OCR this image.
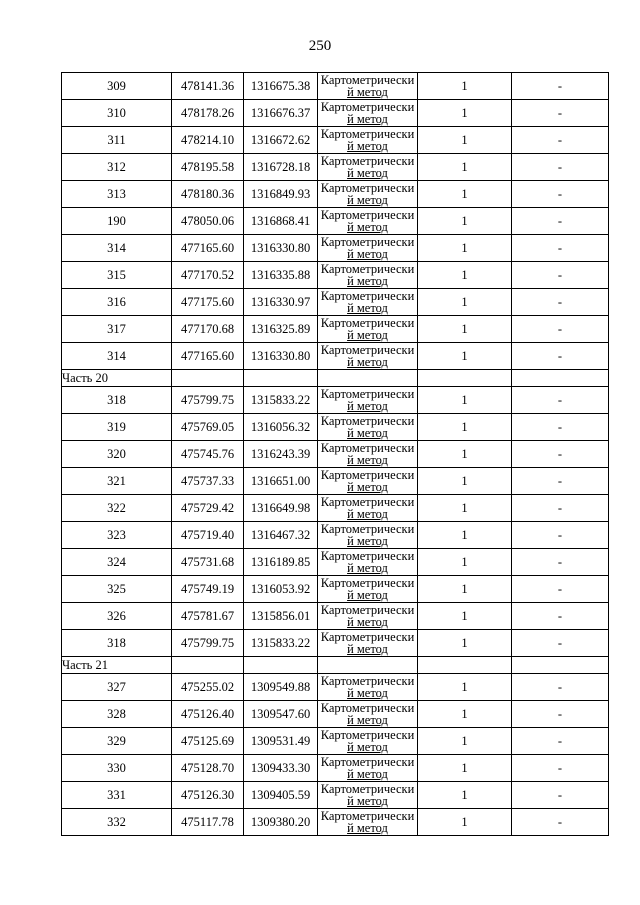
250
309	478141.36	1316675.38	Картометрически
й метод	1	-
310	478178.26	1316676.37	Картометрически
й метод	1	-
311	478214.10	1316672.62	Картометрически
й метод	1	-
312	478195.58	1316728.18	Картометрически
й метод	1	-
313	478180.36	1316849.93	Картометрически
й метод	1	-
190	478050.06	1316868.41	Картометрически
й метод	1	-
314	477165.60	1316330.80	Картометрически
й метод	1	-
315	477170.52	1316335.88	Картометрически
й метод	1	-
316	477175.60	1316330.97	Картометрически
й метод	1	-
317	477170.68	1316325.89	Картометрически
й метод	1	-
314	477165.60	1316330.80	Картометрически
й метод	1	-
Часть 20					
318	475799.75	1315833.22	Картометрически
й метод	1	-
319	475769.05	1316056.32	Картометрически
й метод	1	-
320	475745.76	1316243.39	Картометрически
й метод	1	-
321	475737.33	1316651.00	Картометрически
й метод	1	-
322	475729.42	1316649.98	Картометрически
й метод	1	-
323	475719.40	1316467.32	Картометрически
й метод	1	-
324	475731.68	1316189.85	Картометрически
й метод	1	-
325	475749.19	1316053.92	Картометрически
й метод	1	-
326	475781.67	1315856.01	Картометрически
й метод	1	-
318	475799.75	1315833.22	Картометрически
й метод	1	-
Часть 21					
327	475255.02	1309549.88	Картометрически
й метод	1	-
328	475126.40	1309547.60	Картометрически
й метод	1	-
329	475125.69	1309531.49	Картометрически
й метод	1	-
330	475128.70	1309433.30	Картометрически
й метод	1	-
331	475126.30	1309405.59	Картометрически
й метод	1	-
332	475117.78	1309380.20	Картометрически
й метод	1	-
